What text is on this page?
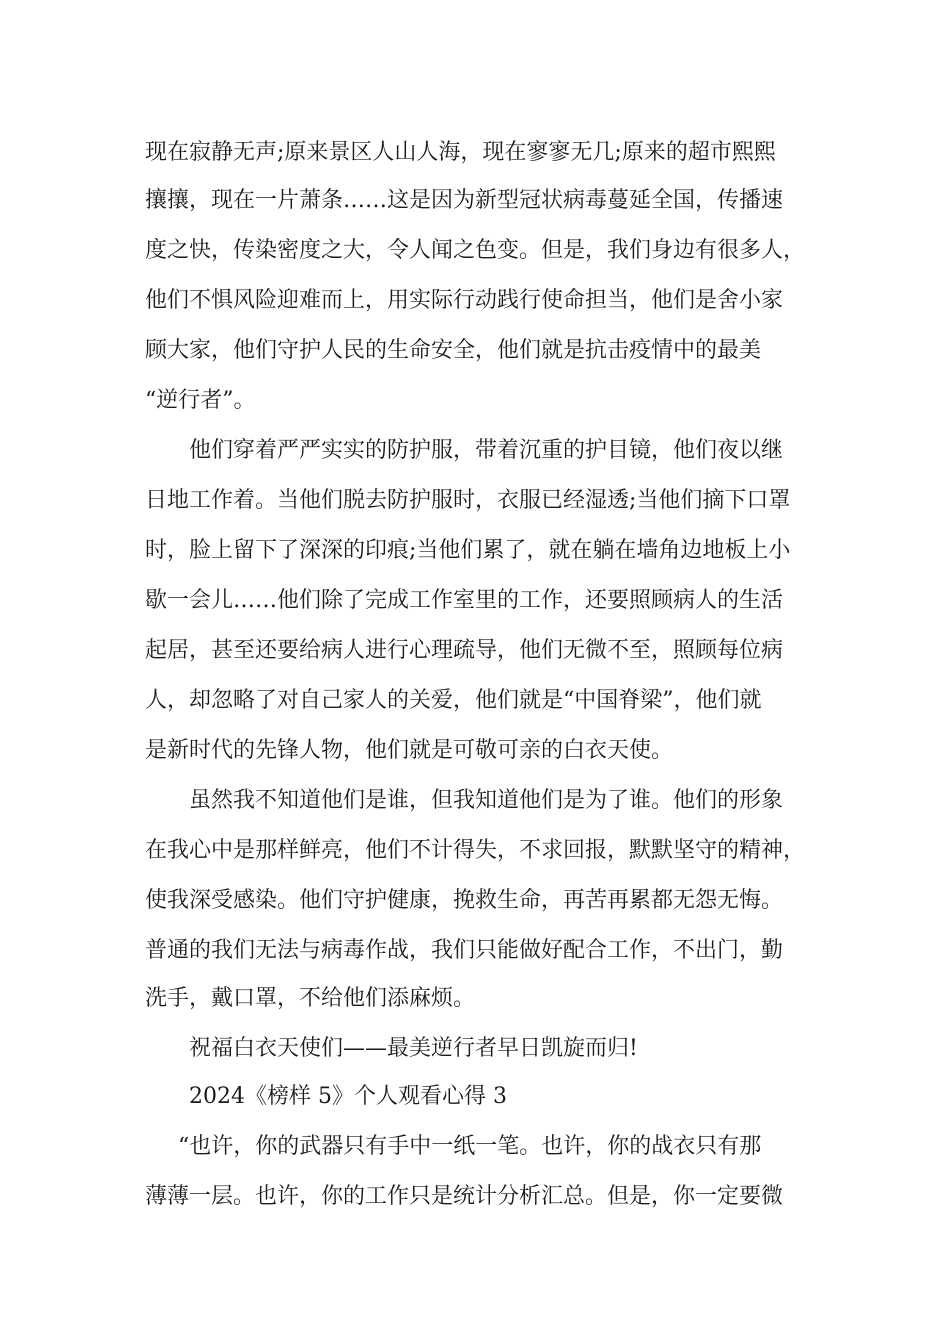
现在寂静无声;原来景区人山人海，现在寥寥无几;原来的超市熙熙
攘攘，现在一片萧条……这是因为新型冠状病毒蔓延全国，传播速
度之快，传染密度之大，令人闻之色变。但是，我们身边有很多人，
他们不惧风险迎难而上，用实际行动践行使命担当，他们是舍小家
顾大家，他们守护人民的生命安全，他们就是抗击疫情中的最美
“逆行者”。
他们穿着严严实实的防护服，带着沉重的护目镜，他们夜以继
日地工作着。当他们脱去防护服时，衣服已经湿透;当他们摘下口罩
时，脸上留下了深深的印痕;当他们累了，就在躺在墙角边地板上小
歇一会儿……他们除了完成工作室里的工作，还要照顾病人的生活
起居，甚至还要给病人进行心理疏导，他们无微不至，照顾每位病
人，却忽略了对自己家人的关爱，他们就是“中国脊梁”，他们就
是新时代的先锋人物，他们就是可敬可亲的白衣天使。
虽然我不知道他们是谁，但我知道他们是为了谁。他们的形象
在我心中是那样鲜亮，他们不计得失，不求回报，默默坚守的精神，
使我深受感染。他们守护健康，挽救生命，再苦再累都无怨无悔。
普通的我们无法与病毒作战，我们只能做好配合工作，不出门，勤
洗手，戴口罩，不给他们添麻烦。
祝福白衣天使们——最美逆行者早日凯旋而归!
2024《榜样 5》个人观看心得 3
“也许，你的武器只有手中一纸一笔。也许，你的战衣只有那
薄薄一层。也许，你的工作只是统计分析汇总。但是，你一定要微
